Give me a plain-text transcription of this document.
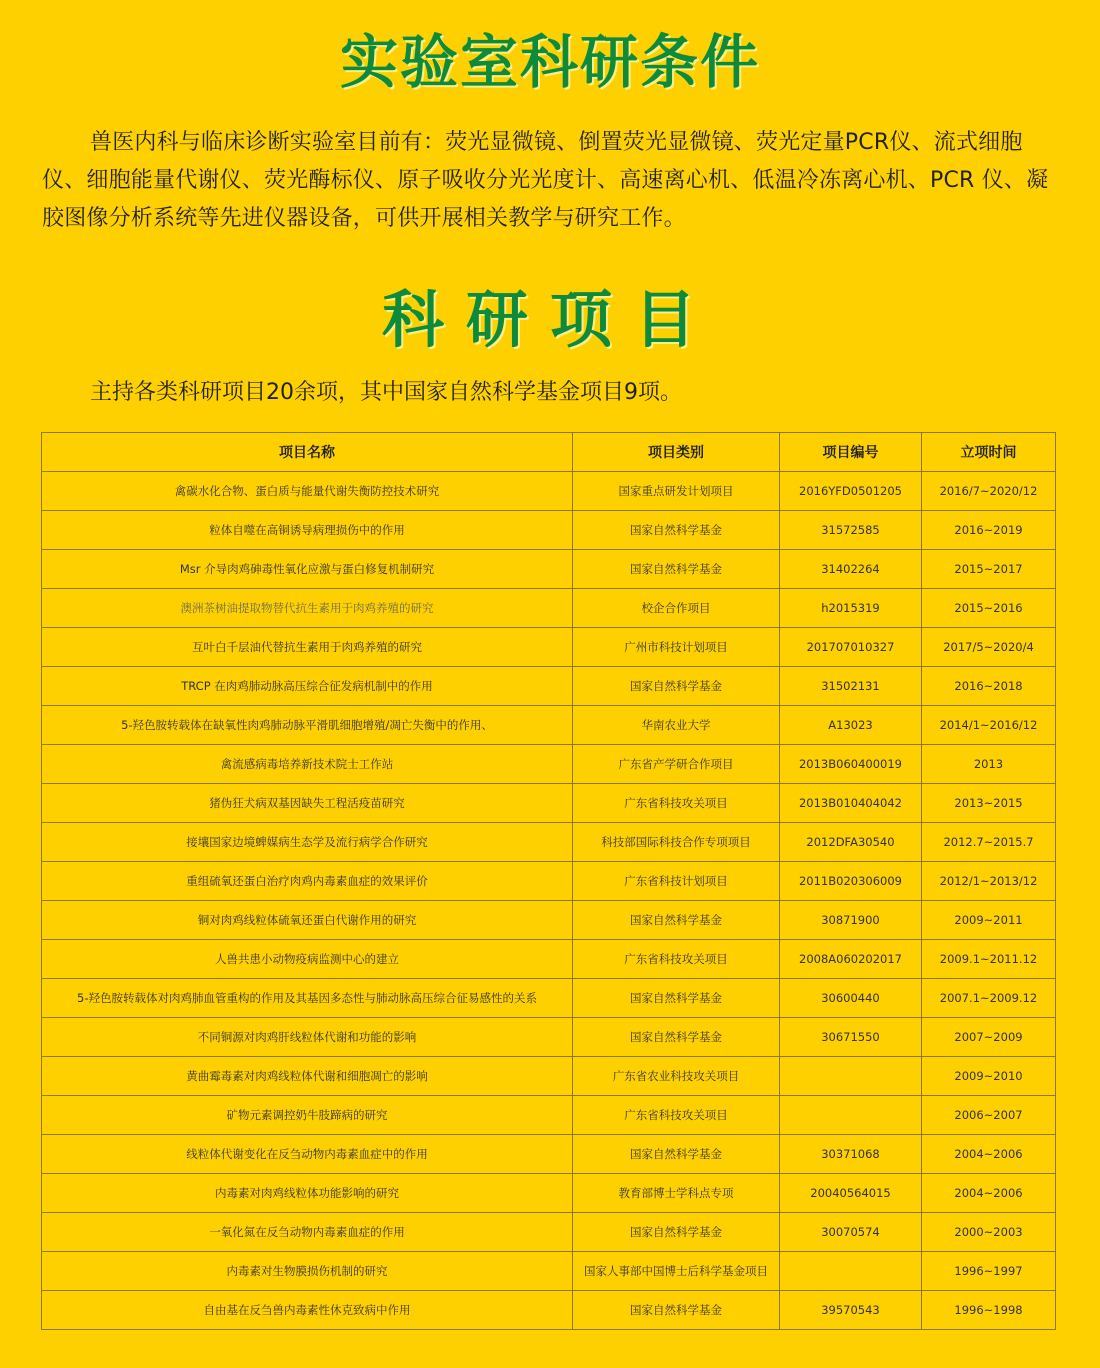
实验室科研条件

兽医内科与临床诊断实验室目前有：荧光显微镜、倒置荧光显微镜、荧光定量PCR仪、流式细胞仪、细胞能量代谢仪、荧光酶标仪、原子吸收分光光度计、高速离心机、低温冷冻离心机、PCR 仪、凝胶图像分析系统等先进仪器设备，可供开展相关教学与研究工作。

科研项目

主持各类科研项目20余项，其中国家自然科学基金项目9项。

项目名称	项目类别	项目编号	立项时间
禽碳水化合物、蛋白质与能量代谢失衡防控技术研究	国家重点研发计划项目	2016YFD0501205	2016/7~2020/12
粒体自噬在高铜诱导病理损伤中的作用	国家自然科学基金	31572585	2016~2019
Msr 介导肉鸡砷毒性氧化应激与蛋白修复机制研究	国家自然科学基金	31402264	2015~2017
澳洲茶树油提取物替代抗生素用于肉鸡养殖的研究	校企合作项目	h2015319	2015~2016
互叶白千层油代替抗生素用于肉鸡养殖的研究	广州市科技计划项目	201707010327	2017/5~2020/4
TRCP 在肉鸡肺动脉高压综合征发病机制中的作用	国家自然科学基金	31502131	2016~2018
5-羟色胺转载体在缺氧性肉鸡肺动脉平滑肌细胞增殖/凋亡失衡中的作用、	华南农业大学	A13023	2014/1~2016/12
禽流感病毒培养新技术院士工作站	广东省产学研合作项目	2013B060400019	2013
猪伪狂犬病双基因缺失工程活疫苗研究	广东省科技攻关项目	2013B010404042	2013~2015
接壤国家边境蜱媒病生态学及流行病学合作研究	科技部国际科技合作专项项目	2012DFA30540	2012.7~2015.7
重组硫氧还蛋白治疗肉鸡内毒素血症的效果评价	广东省科技计划项目	2011B020306009	2012/1~2013/12
铜对肉鸡线粒体硫氧还蛋白代谢作用的研究	国家自然科学基金	30871900	2009~2011
人兽共患小动物疫病监测中心的建立	广东省科技攻关项目	2008A060202017	2009.1~2011.12
5-羟色胺转载体对肉鸡肺血管重构的作用及其基因多态性与肺动脉高压综合征易感性的关系	国家自然科学基金	30600440	2007.1~2009.12
不同铜源对肉鸡肝线粒体代谢和功能的影响	国家自然科学基金	30671550	2007~2009
黄曲霉毒素对肉鸡线粒体代谢和细胞凋亡的影响	广东省农业科技攻关项目		2009~2010
矿物元素调控奶牛肢蹄病的研究	广东省科技攻关项目		2006~2007
线粒体代谢变化在反刍动物内毒素血症中的作用	国家自然科学基金	30371068	2004~2006
内毒素对肉鸡线粒体功能影响的研究	教育部博士学科点专项	20040564015	2004~2006
一氧化氮在反刍动物内毒素血症的作用	国家自然科学基金	30070574	2000~2003
内毒素对生物膜损伤机制的研究	国家人事部中国博士后科学基金项目		1996~1997
自由基在反刍兽内毒素性休克致病中作用	国家自然科学基金	39570543	1996~1998
